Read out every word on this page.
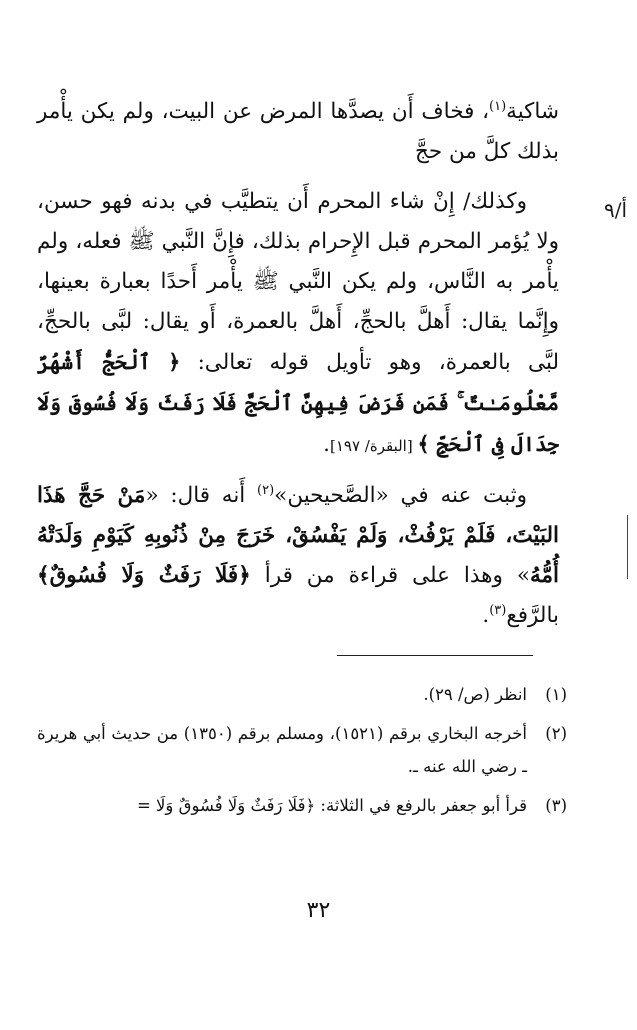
أ/٩

شاكية$^{(١)}$، فخاف أَن يصدَّها المرض عن البيت، ولم يكن يأْمر بذلك كلَّ من حجَّ

وكذلك/ إِنْ شاء المحرم أَن يتطيَّب في بدنه فهو حسن، ولا يُؤمر المحرم قبل الإِحرام بذلك، فإِنَّ النَّبي ﷺ فعله، ولم يأْمر به النَّاس، ولم يكن النَّبي ﷺ يأْمر أَحدًا بعبارة بعينها، وإِنَّما يقال: أَهلَّ بالحجِّ، أَهلَّ بالعمرة، أَو يقال: لبَّى بالحجِّ، لبَّى بالعمرة، وهو تأويل قوله تعالى: ﴿ ٱلْحَجُّ أَشْهُرٌ مَّعْلُومَـٰتٌ ۚ فَمَن فَرَضَ فِيهِنَّ ٱلْحَجَّ فَلَا رَفَثَ وَلَا فُسُوقَ وَلَا جِدَالَ فِى ٱلْحَجِّ ﴾ [البقرة/ ١٩٧].

وثبت عنه في «الصَّحيحين»$^{(٢)}$ أَنه قال: «مَنْ حَجَّ هَذَا البَيْتَ، فَلَمْ يَرْفُثْ، وَلَمْ يَفْسُقْ، خَرَجَ مِنْ ذُنُوبِهِ كَيَوْمِ وَلَدَتْهُ أُمُّهُ» وهذا على قراءة من قرأ ﴿فَلَا رَفَثٌ وَلَا فُسُوقٌ﴾ بالرَّفع$^{(٣)}$.

(١)
انظر (ص/ ٢٩).
(٢)
أخرجه البخاري برقم (١٥٢١)، ومسلم برقم (١٣٥٠) من حديث أبي هريرة ـ رضي الله عنه ـ.
(٣)
قرأ أبو جعفر بالرفع في الثلاثة: ﴿فَلَا رَفَثٌ وَلَا فُسُوقٌ وَلَا =
٣٢
